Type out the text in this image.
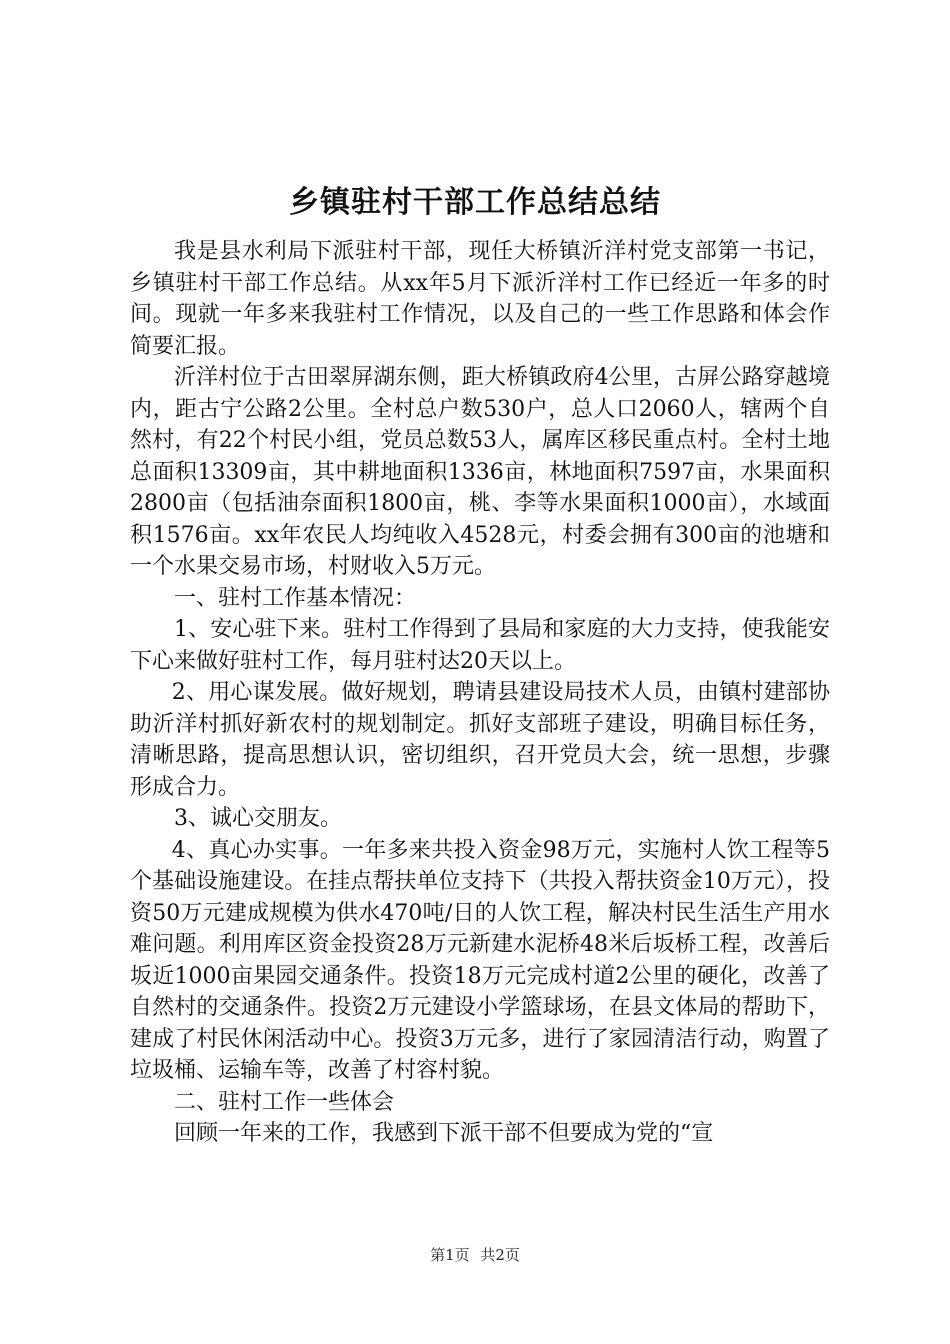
乡镇驻村干部工作总结总结

我是县水利局下派驻村干部，现任大桥镇沂洋村党支部第一书记，乡镇驻村干部工作总结。从xx年5月下派沂洋村工作已经近一年多的时间。现就一年多来我驻村工作情况，以及自己的一些工作思路和体会作简要汇报。

沂洋村位于古田翠屏湖东侧，距大桥镇政府4公里，古屏公路穿越境内，距古宁公路2公里。全村总户数530户，总人口2060人，辖两个自然村，有22个村民小组，党员总数53人，属库区移民重点村。全村土地总面积13309亩，其中耕地面积1336亩，林地面积7597亩，水果面积2800亩（包括油奈面积1800亩，桃、李等水果面积1000亩），水域面积1576亩。xx年农民人均纯收入4528元，村委会拥有300亩的池塘和一个水果交易市场，村财收入5万元。

一、驻村工作基本情况：

1、安心驻下来。驻村工作得到了县局和家庭的大力支持，使我能安下心来做好驻村工作，每月驻村达20天以上。

2、用心谋发展。做好规划，聘请县建设局技术人员，由镇村建部协助沂洋村抓好新农村的规划制定。抓好支部班子建设，明确目标任务，清晰思路，提高思想认识，密切组织，召开党员大会，统一思想，步骤形成合力。

3、诚心交朋友。

4、真心办实事。一年多来共投入资金98万元，实施村人饮工程等5个基础设施建设。在挂点帮扶单位支持下（共投入帮扶资金10万元），投资50万元建成规模为供水470吨/日的人饮工程，解决村民生活生产用水难问题。利用库区资金投资28万元新建水泥桥48米后坂桥工程，改善后坂近1000亩果园交通条件。投资18万元完成村道2公里的硬化，改善了自然村的交通条件。投资2万元建设小学篮球场，在县文体局的帮助下，建成了村民休闲活动中心。投资3万元多，进行了家园清洁行动，购置了垃圾桶、运输车等，改善了村容村貌。

二、驻村工作一些体会

回顾一年来的工作，我感到下派干部不但要成为党的“宣

第1页 共2页
